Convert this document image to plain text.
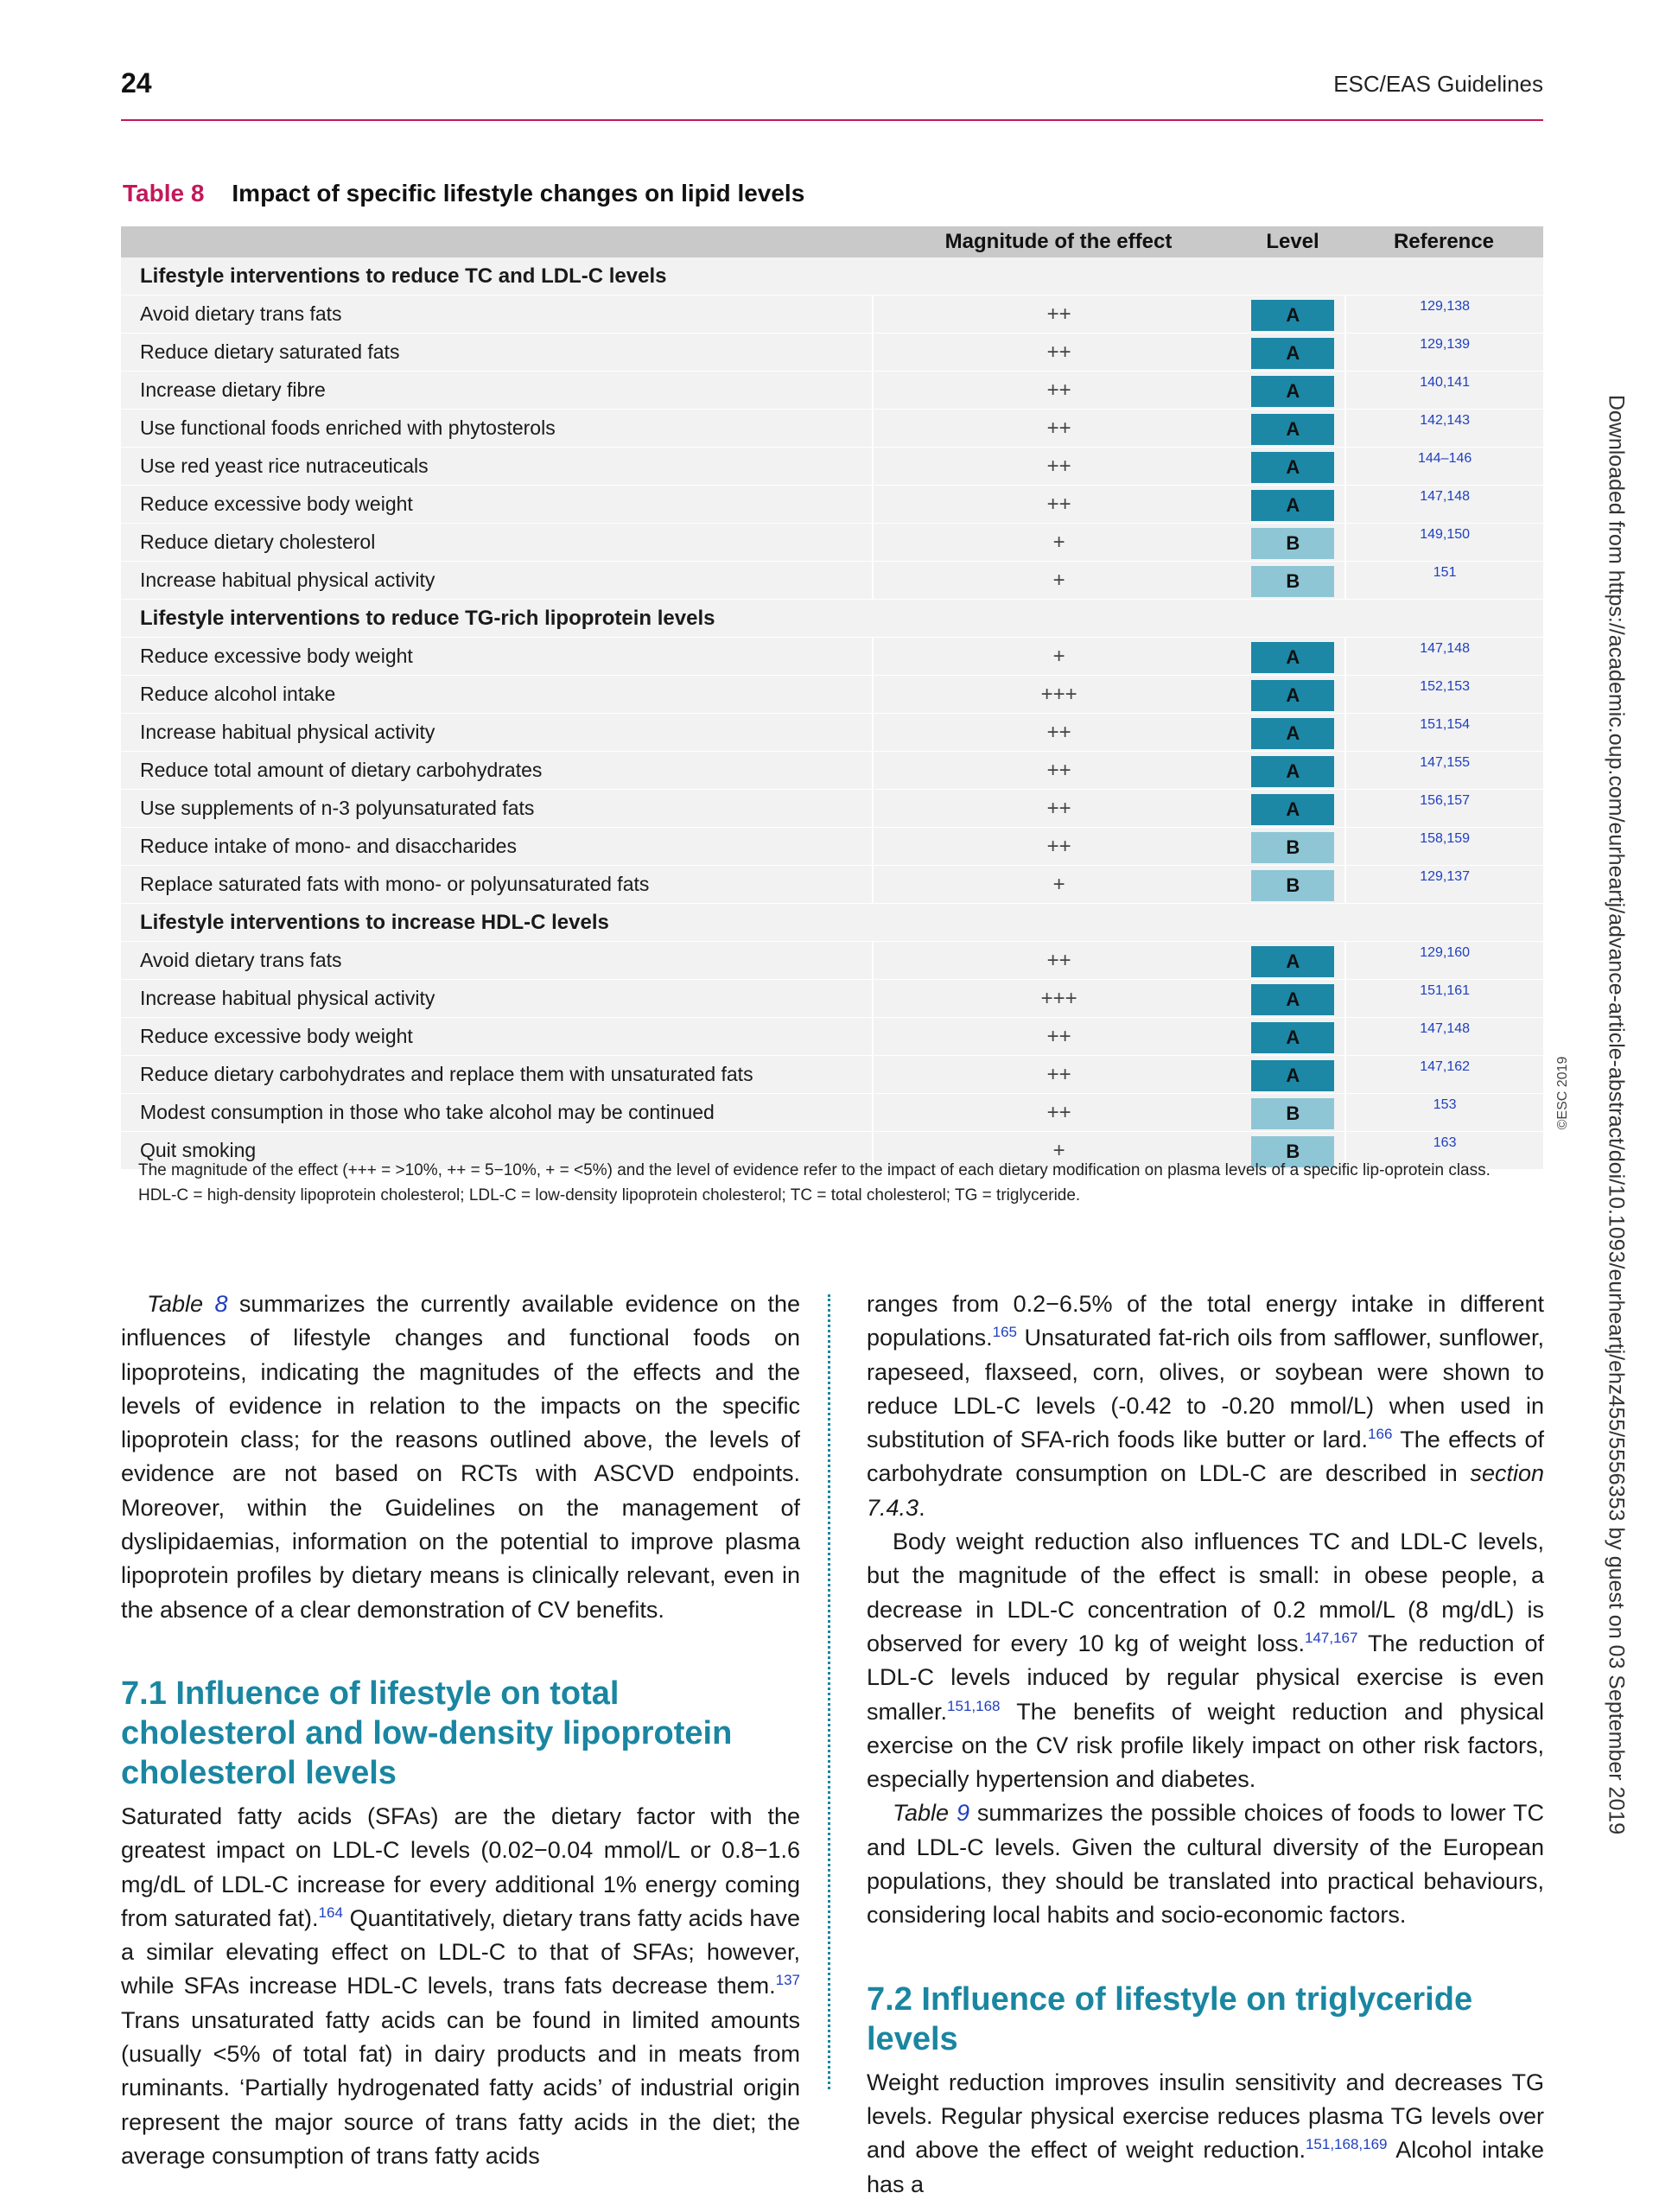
24	ESC/EAS Guidelines
Table 8 Impact of specific lifestyle changes on lipid levels
Magnitude of the effect	Level	Reference
Lifestyle interventions to reduce TC and LDL-C levels
Avoid dietary trans fats	++	A	129,138
Reduce dietary saturated fats	++	A	129,139
Increase dietary fibre	++	A	140,141
Use functional foods enriched with phytosterols	++	A	142,143
Use red yeast rice nutraceuticals	++	A	144–146
Reduce excessive body weight	++	A	147,148
Reduce dietary cholesterol	+	B	149,150
Increase habitual physical activity	+	B	151
Lifestyle interventions to reduce TG-rich lipoprotein levels
Reduce excessive body weight	+	A	147,148
Reduce alcohol intake	+++	A	152,153
Increase habitual physical activity	++	A	151,154
Reduce total amount of dietary carbohydrates	++	A	147,155
Use supplements of n-3 polyunsaturated fats	++	A	156,157
Reduce intake of mono- and disaccharides	++	B	158,159
Replace saturated fats with mono- or polyunsaturated fats	+	B	129,137
Lifestyle interventions to increase HDL-C levels
Avoid dietary trans fats	++	A	129,160
Increase habitual physical activity	+++	A	151,161
Reduce excessive body weight	++	A	147,148
Reduce dietary carbohydrates and replace them with unsaturated fats	++	A	147,162
Modest consumption in those who take alcohol may be continued	++	B	153
Quit smoking	+	B	163

The magnitude of the effect (+++ = >10%, ++ = 5−10%, + = <5%) and the level of evidence refer to the impact of each dietary modification on plasma levels of a specific lip-oprotein class.

HDL-C = high-density lipoprotein cholesterol; LDL-C = low-density lipoprotein cholesterol; TC = total cholesterol; TG = triglyceride.

©ESC 2019 Downloaded from https://academic.oup.com/eurheartj/advance-article-abstract/doi/10.1093/eurheartj/ehz455/5556353 by guest on 03 September 2019

Table 8 summarizes the currently available evidence on the influences of lifestyle changes and functional foods on lipoproteins, indicating the magnitudes of the effects and the levels of evidence in relation to the impacts on the specific lipoprotein class; for the reasons outlined above, the levels of evidence are not based on RCTs with ASCVD endpoints. Moreover, within the Guidelines on the management of dyslipidaemias, information on the potential to improve plasma lipoprotein profiles by dietary means is clinically relevant, even in the absence of a clear demonstration of CV benefits.

7.1 Influence of lifestyle on total cholesterol and low-density lipoprotein cholesterol levels

Saturated fatty acids (SFAs) are the dietary factor with the greatest impact on LDL-C levels (0.02−0.04 mmol/L or 0.8−1.6 mg/dL of LDL-C increase for every additional 1% energy coming from saturated fat).$^{164}$ Quantitatively, dietary trans fatty acids have a similar elevating effect on LDL-C to that of SFAs; however, while SFAs increase HDL-C levels, trans fats decrease them.$^{137}$ Trans unsaturated fatty acids can be found in limited amounts (usually <5% of total fat) in dairy products and in meats from ruminants. ‘Partially hydrogenated fatty acids’ of industrial origin represent the major source of trans fatty acids in the diet; the average consumption of trans fatty acids

ranges from 0.2−6.5% of the total energy intake in different populations.$^{165}$ Unsaturated fat-rich oils from safflower, sunflower, rapeseed, flaxseed, corn, olives, or soybean were shown to reduce LDL-C levels (-0.42 to -0.20 mmol/L) when used in substitution of SFA-rich foods like butter or lard.$^{166}$ The effects of carbohydrate consumption on LDL-C are described in section 7.4.3.

Body weight reduction also influences TC and LDL-C levels, but the magnitude of the effect is small: in obese people, a decrease in LDL-C concentration of 0.2 mmol/L (8 mg/dL) is observed for every 10 kg of weight loss.$^{147,167}$ The reduction of LDL-C levels induced by regular physical exercise is even smaller.$^{151,168}$ The benefits of weight reduction and physical exercise on the CV risk profile likely impact on other risk factors, especially hypertension and diabetes.

Table 9 summarizes the possible choices of foods to lower TC and LDL-C levels. Given the cultural diversity of the European populations, they should be translated into practical behaviours, considering local habits and socio-economic factors.

7.2 Influence of lifestyle on triglyceride levels

Weight reduction improves insulin sensitivity and decreases TG levels. Regular physical exercise reduces plasma TG levels over and above the effect of weight reduction.$^{151,168,169}$ Alcohol intake has a
